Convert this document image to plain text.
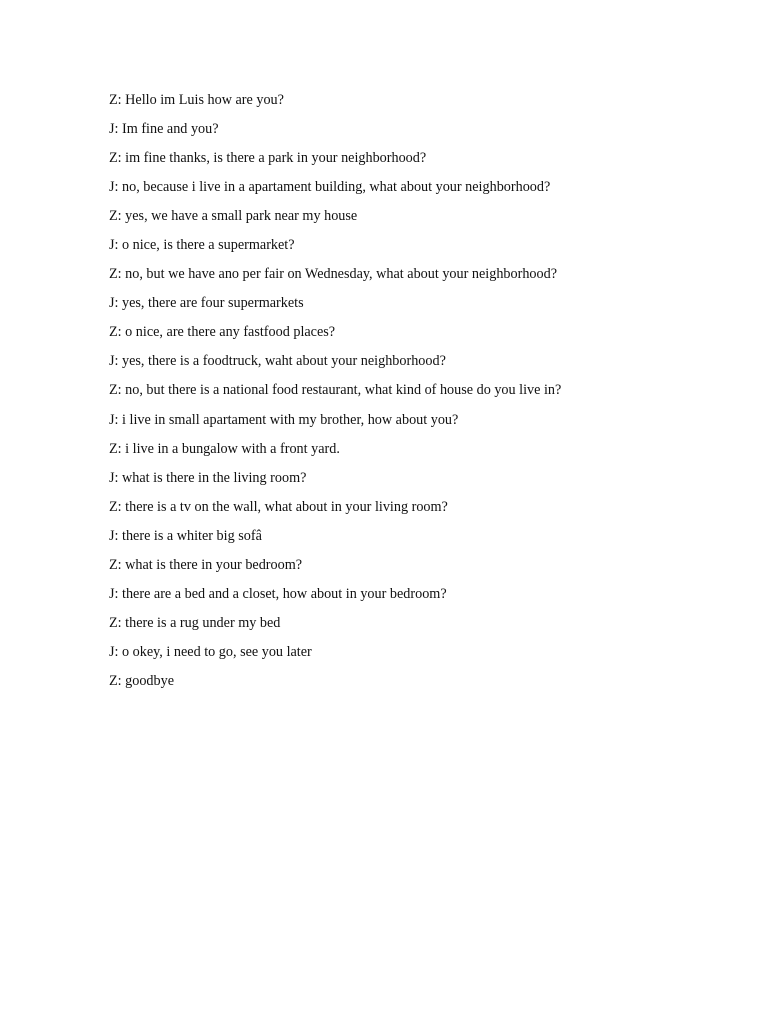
Z: Hello im Luis how are you?
J: Im fine and you?
Z: im fine thanks, is there a park in your neighborhood?
J: no, because i live in a apartament building, what about your neighborhood?
Z: yes, we have a small park near my house
J: o nice, is there a supermarket?
Z: no, but we have ano per fair on Wednesday, what about your neighborhood?
J: yes, there are four supermarkets
Z: o nice, are there any fastfood places?
J: yes, there is a foodtruck, waht about your neighborhood?
Z: no, but there is a national food restaurant, what kind of house do you live in?
J: i live in small apartament with my brother, how about you?
Z: i live in a bungalow with a front yard.
J: what is there in the living room?
Z: there is a tv on the wall, what about in your living room?
J: there is a whiter big sofâ
Z: what is there in your bedroom?
J: there are a bed and a closet, how about in your bedroom?
Z: there is a rug under my bed
J: o okey, i need to go, see you later
Z: goodbye
